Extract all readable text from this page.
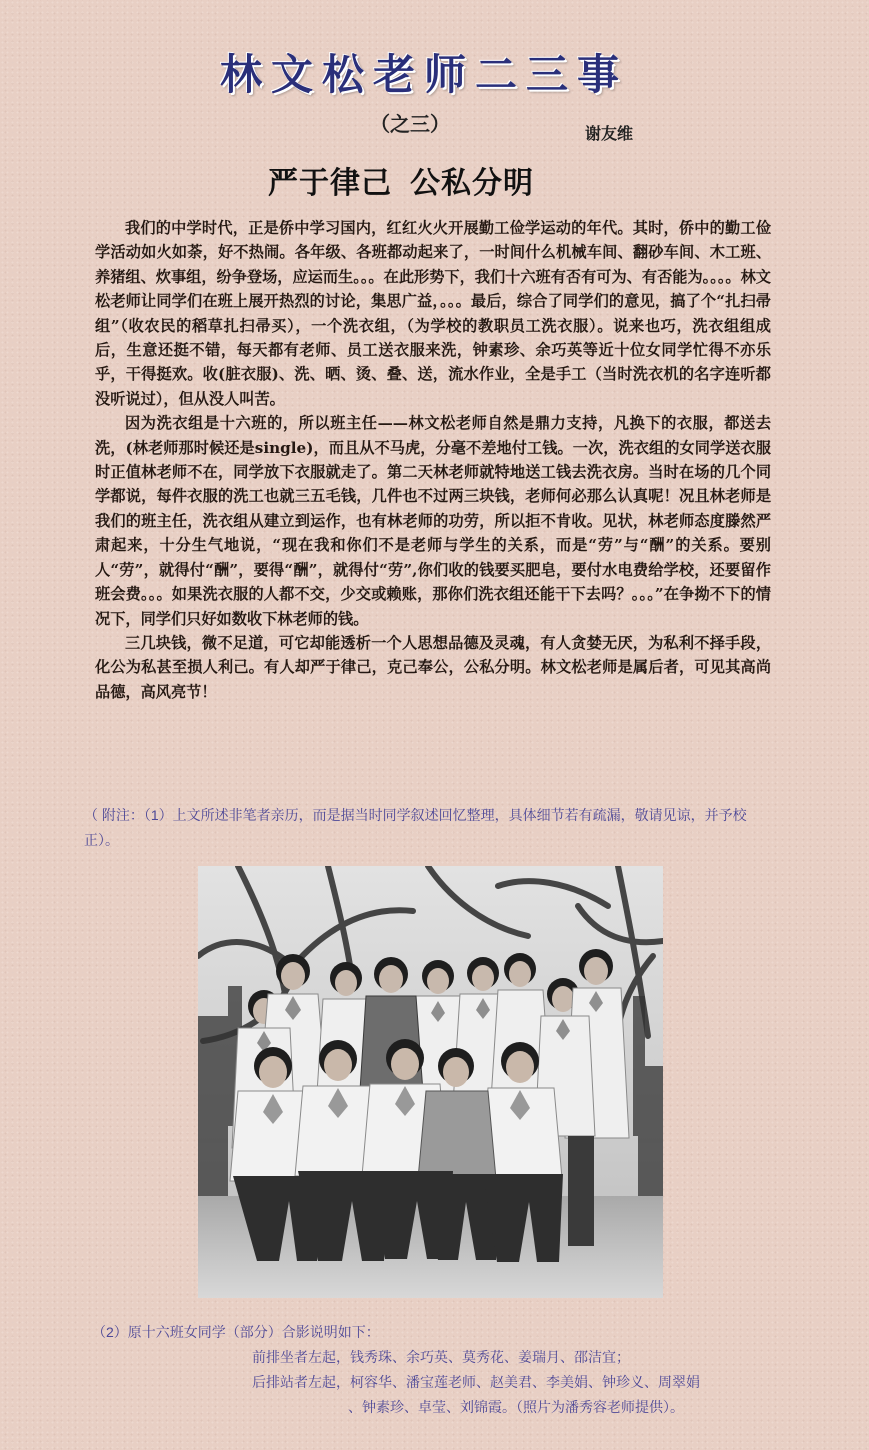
林文松老师二三事
（之三）	谢友维
严于律己 公私分明

我们的中学时代，正是侨中学习国内，红红火火开展勤工俭学运动的年代。其时，侨中的勤工俭学活动如火如荼，好不热闹。各年级、各班都动起来了，一时间什么机械车间、翻砂车间、木工班、养猪组、炊事组，纷争登场，应运而生。。。在此形势下，我们十六班有否有可为、有否能为。。。。林文松老师让同学们在班上展开热烈的讨论，集思广益，。。。最后，综合了同学们的意见，搞了个“扎扫帚组”（收农民的稻草扎扫帚买），一个洗衣组，（为学校的教职员工洗衣服）。说来也巧，洗衣组组成后，生意还挺不错，每天都有老师、员工送衣服来洗，钟素珍、余巧英等近十位女同学忙得不亦乐乎，干得挺欢。收(脏衣服)、洗、晒、烫、叠、送，流水作业，全是手工（当时洗衣机的名字连听都没听说过），但从没人叫苦。

因为洗衣组是十六班的，所以班主任——林文松老师自然是鼎力支持，凡换下的衣服，都送去洗，(林老师那时候还是single)，而且从不马虎，分毫不差地付工钱。一次，洗衣组的女同学送衣服时正值林老师不在，同学放下衣服就走了。第二天林老师就特地送工钱去洗衣房。当时在场的几个同学都说，每件衣服的洗工也就三五毛钱，几件也不过两三块钱，老师何必那么认真呢！况且林老师是我们的班主任，洗衣组从建立到运作，也有林老师的功劳，所以拒不肯收。见状，林老师态度滕然严肃起来，十分生气地说，“现在我和你们不是老师与学生的关系，而是“劳”与“酬”的关系。要别人“劳”，就得付“酬”，要得“酬”，就得付“劳”,你们收的钱要买肥皂，要付水电费给学校，还要留作班会费。。。如果洗衣服的人都不交，少交或赖账，那你们洗衣组还能干下去吗？。。。”在争拗不下的情况下，同学们只好如数收下林老师的钱。

三几块钱，微不足道，可它却能透析一个人思想品德及灵魂，有人贪婪无厌，为私利不择手段，化公为私甚至损人利己。有人却严于律己，克己奉公，公私分明。林文松老师是属后者，可见其高尚品德，高风亮节！

（ 附注：（1）上文所述非笔者亲历，而是据当时同学叙述回忆整理，具体细节若有疏漏，敬请见谅，并予校正）。
（2）原十六班女同学（部分）合影说明如下：
前排坐者左起，钱秀珠、余巧英、莫秀花、姜瑞月、邵洁宜；
后排站者左起，柯容华、潘宝莲老师、赵美君、李美娟、钟珍义、周翠娟
、钟素珍、卓莹、刘锦霞。（照片为潘秀容老师提供）。
